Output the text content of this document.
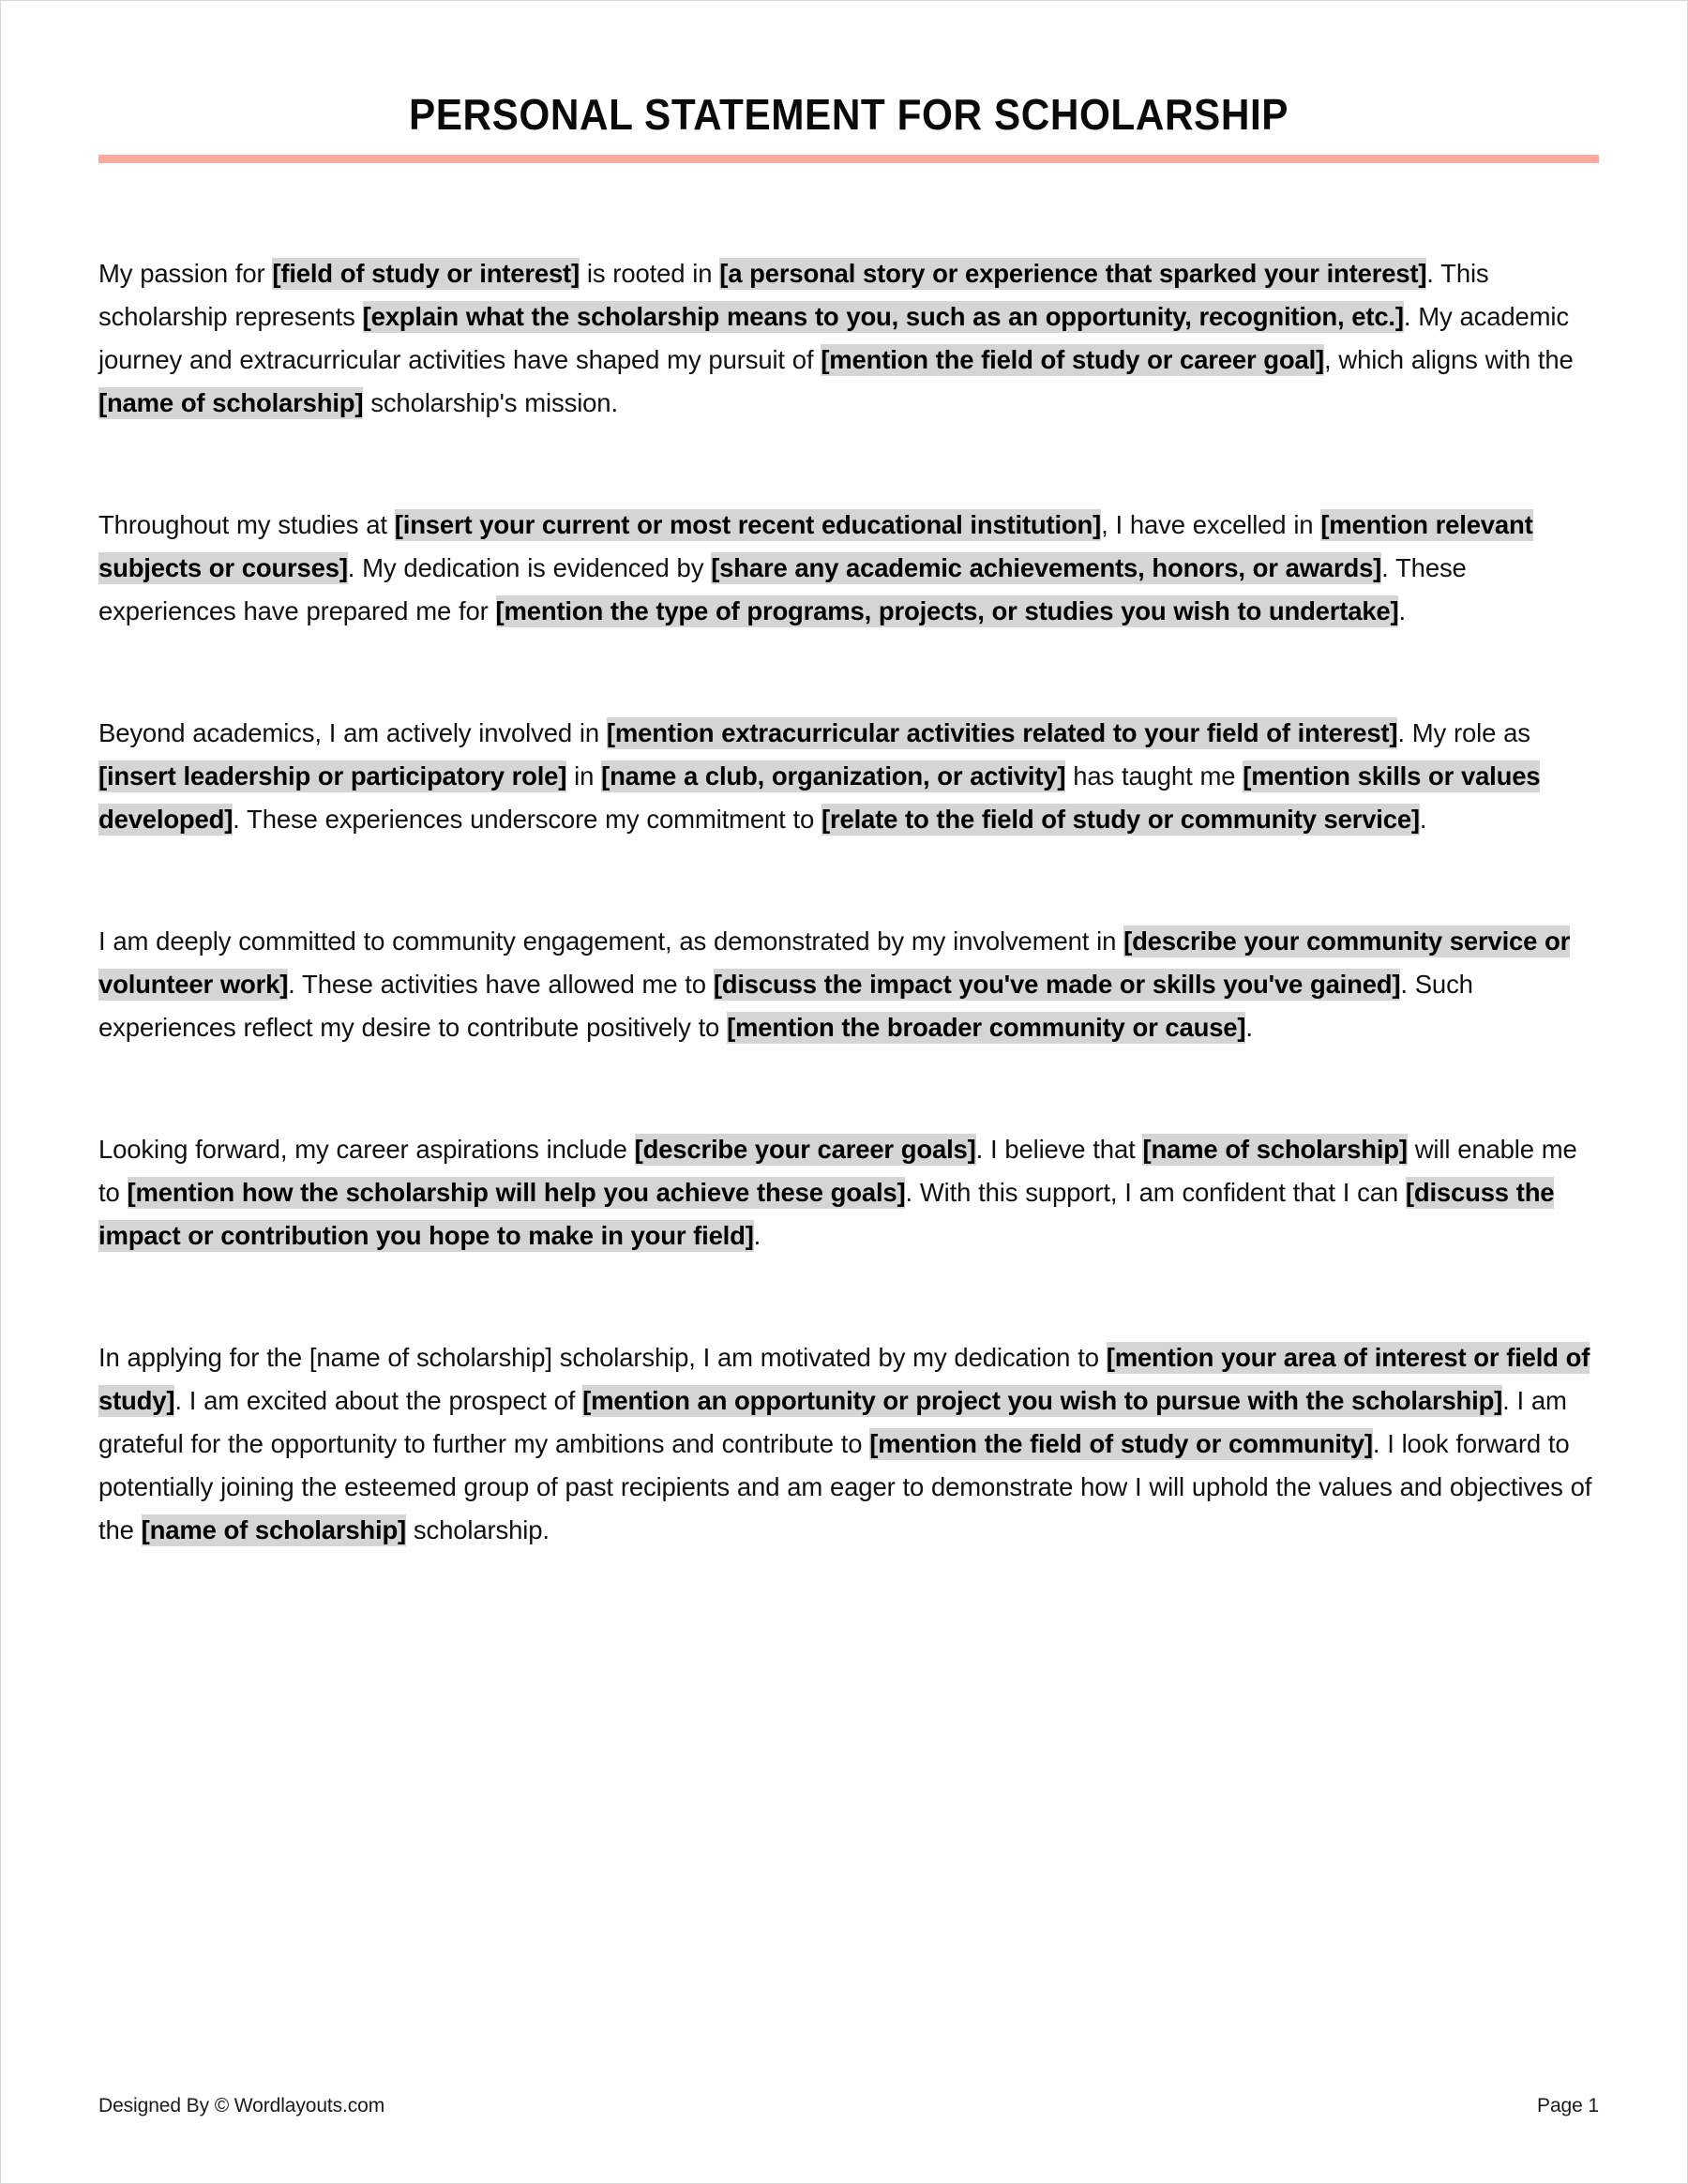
PERSONAL STATEMENT FOR SCHOLARSHIP

My passion for [field of study or interest] is rooted in [a personal story or experience that sparked your interest]. This scholarship represents [explain what the scholarship means to you, such as an opportunity, recognition, etc.]. My academic journey and extracurricular activities have shaped my pursuit of [mention the field of study or career goal], which aligns with the [name of scholarship] scholarship's mission.

Throughout my studies at [insert your current or most recent educational institution], I have excelled in [mention relevant subjects or courses]. My dedication is evidenced by [share any academic achievements, honors, or awards]. These experiences have prepared me for [mention the type of programs, projects, or studies you wish to undertake].

Beyond academics, I am actively involved in [mention extracurricular activities related to your field of interest]. My role as [insert leadership or participatory role] in [name a club, organization, or activity] has taught me [mention skills or values developed]. These experiences underscore my commitment to [relate to the field of study or community service].

I am deeply committed to community engagement, as demonstrated by my involvement in [describe your community service or volunteer work]. These activities have allowed me to [discuss the impact you've made or skills you've gained]. Such experiences reflect my desire to contribute positively to [mention the broader community or cause].

Looking forward, my career aspirations include [describe your career goals]. I believe that [name of scholarship] will enable me to [mention how the scholarship will help you achieve these goals]. With this support, I am confident that I can [discuss the impact or contribution you hope to make in your field].

In applying for the [name of scholarship] scholarship, I am motivated by my dedication to [mention your area of interest or field of study]. I am excited about the prospect of [mention an opportunity or project you wish to pursue with the scholarship]. I am grateful for the opportunity to further my ambitions and contribute to [mention the field of study or community]. I look forward to potentially joining the esteemed group of past recipients and am eager to demonstrate how I will uphold the values and objectives of the [name of scholarship] scholarship.

Designed By © Wordlayouts.com	Page 1
